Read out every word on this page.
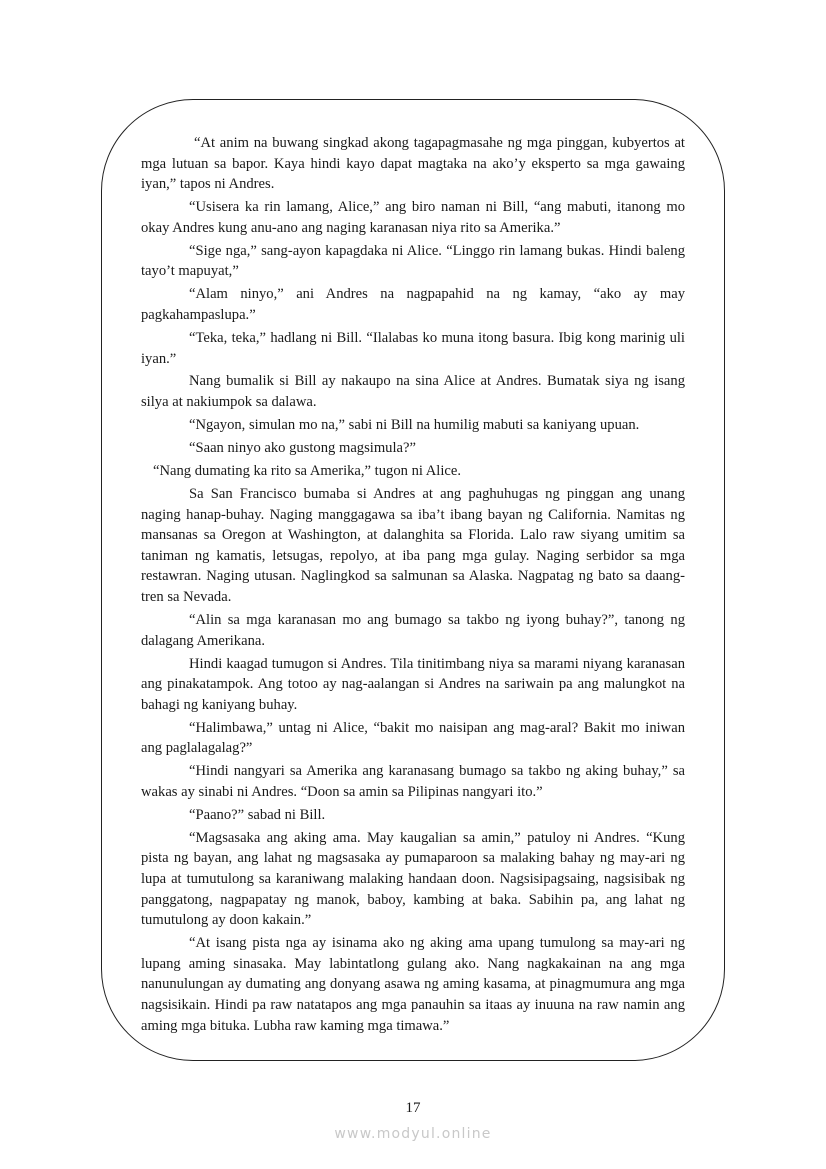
“At anim na buwang singkad akong tagapagmasahe ng mga pinggan, kubyertos at mga lutuan sa bapor. Kaya hindi kayo dapat magtaka na ako’y eksperto sa mga gawaing iyan,” tapos ni Andres.

“Usisera ka rin lamang, Alice,” ang biro naman ni Bill, “ang mabuti, itanong mo okay Andres kung anu-ano ang naging karanasan niya rito sa Amerika.”

“Sige nga,” sang-ayon kapagdaka ni Alice. “Linggo rin lamang bukas. Hindi baleng tayo’t mapuyat,”

“Alam ninyo,” ani Andres na nagpapahid na ng kamay, “ako ay may pagkahampaslupa.”

“Teka, teka,” hadlang ni Bill. “Ilalabas ko muna itong basura. Ibig kong marinig uli iyan.”

Nang bumalik si Bill ay nakaupo na sina Alice at Andres. Bumatak siya ng isang silya at nakiumpok sa dalawa.

“Ngayon, simulan mo na,” sabi ni Bill na humilig mabuti sa kaniyang upuan.

“Saan ninyo ako gustong magsimula?”

“Nang dumating ka rito sa Amerika,” tugon ni Alice.

Sa San Francisco bumaba si Andres at ang paghuhugas ng pinggan ang unang naging hanap-buhay. Naging manggagawa sa iba’t ibang bayan ng California. Namitas ng mansanas sa Oregon at Washington, at dalanghita sa Florida. Lalo raw siyang umitim sa taniman ng kamatis, letsugas, repolyo, at iba pang mga gulay. Naging serbidor sa mga restawran. Naging utusan. Naglingkod sa salmunan sa Alaska. Nagpatag ng bato sa daang-tren sa Nevada.

“Alin sa mga karanasan mo ang bumago sa takbo ng iyong buhay?”, tanong ng dalagang Amerikana.

Hindi kaagad tumugon si Andres. Tila tinitimbang niya sa marami niyang karanasan ang pinakatampok. Ang totoo ay nag-aalangan si Andres na sariwain pa ang malungkot na bahagi ng kaniyang buhay.

“Halimbawa,” untag ni Alice, “bakit mo naisipan ang mag-aral? Bakit mo iniwan ang paglalagalag?”

“Hindi nangyari sa Amerika ang karanasang bumago sa takbo ng aking buhay,” sa wakas ay sinabi ni Andres. “Doon sa amin sa Pilipinas nangyari ito.”

“Paano?” sabad ni Bill.

“Magsasaka ang aking ama. May kaugalian sa amin,” patuloy ni Andres. “Kung pista ng bayan, ang lahat ng magsasaka ay pumaparoon sa malaking bahay ng may-ari ng lupa at tumutulong sa karaniwang malaking handaan doon. Nagsisipagsaing, nagsisibak ng panggatong, nagpapatay ng manok, baboy, kambing at baka. Sabihin pa, ang lahat ng tumutulong ay doon kakain.”

“At isang pista nga ay isinama ako ng aking ama upang tumulong sa may-ari ng lupang aming sinasaka. May labintatlong gulang ako. Nang nagkakainan na ang mga nanunulungan ay dumating ang donyang asawa ng aming kasama, at pinagmumura ang mga nagsisikain. Hindi pa raw natatapos ang mga panauhin sa itaas ay inuuna na raw namin ang aming mga bituka. Lubha raw kaming mga timawa.”

17
www.modyul.online
